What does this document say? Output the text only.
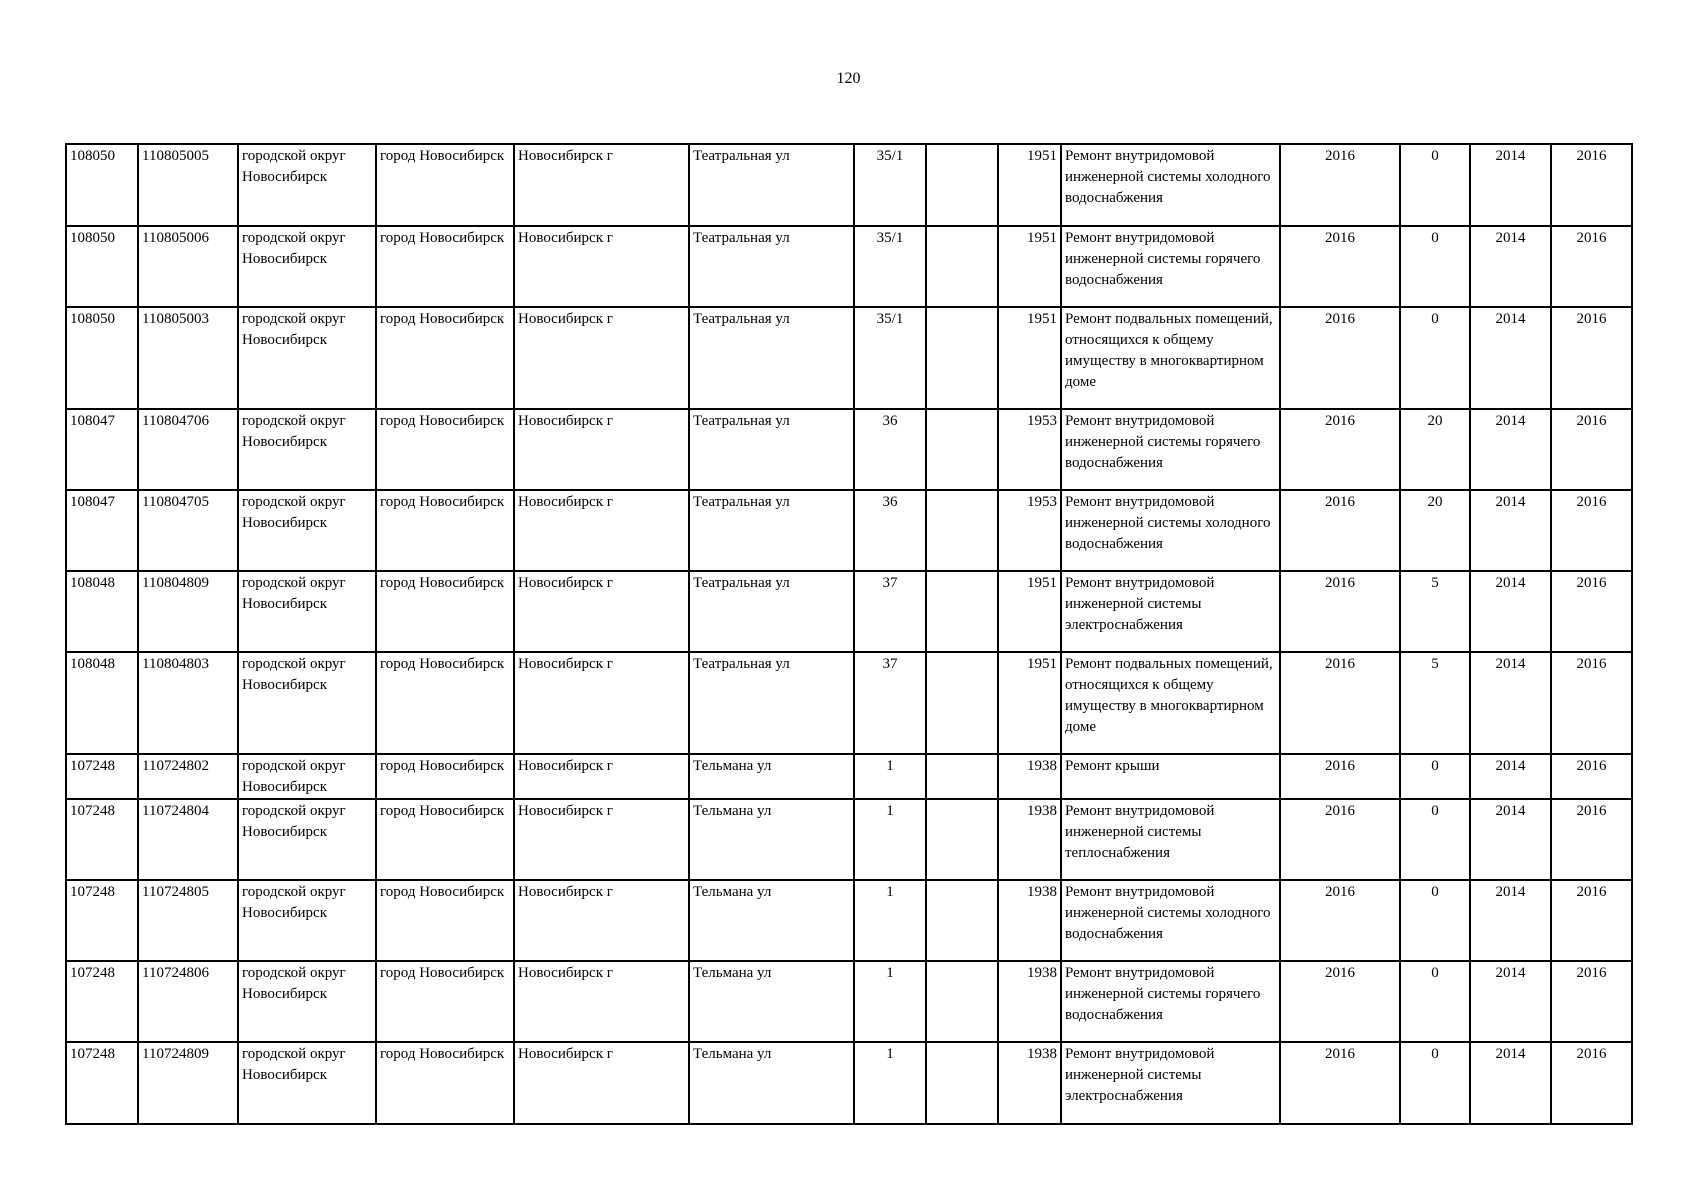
120
108050	110805005	городской округ Новосибирск	город Новосибирск	Новосибирск г	Театральная ул	35/1		1951	Ремонт внутридомовой инженерной системы холодного водоснабжения	2016	0	2014	2016
108050	110805006	городской округ Новосибирск	город Новосибирск	Новосибирск г	Театральная ул	35/1		1951	Ремонт внутридомовой инженерной системы горячего водоснабжения	2016	0	2014	2016
108050	110805003	городской округ Новосибирск	город Новосибирск	Новосибирск г	Театральная ул	35/1		1951	Ремонт подвальных помещений, относящихся к общему имуществу в многоквартирном доме	2016	0	2014	2016
108047	110804706	городской округ Новосибирск	город Новосибирск	Новосибирск г	Театральная ул	36		1953	Ремонт внутридомовой инженерной системы горячего водоснабжения	2016	20	2014	2016
108047	110804705	городской округ Новосибирск	город Новосибирск	Новосибирск г	Театральная ул	36		1953	Ремонт внутридомовой инженерной системы холодного водоснабжения	2016	20	2014	2016
108048	110804809	городской округ Новосибирск	город Новосибирск	Новосибирск г	Театральная ул	37		1951	Ремонт внутридомовой инженерной системы электроснабжения	2016	5	2014	2016
108048	110804803	городской округ Новосибирск	город Новосибирск	Новосибирск г	Театральная ул	37		1951	Ремонт подвальных помещений, относящихся к общему имуществу в многоквартирном доме	2016	5	2014	2016
107248	110724802	городской округ Новосибирск	город Новосибирск	Новосибирск г	Тельмана ул	1		1938	Ремонт крыши	2016	0	2014	2016
107248	110724804	городской округ Новосибирск	город Новосибирск	Новосибирск г	Тельмана ул	1		1938	Ремонт внутридомовой инженерной системы теплоснабжения	2016	0	2014	2016
107248	110724805	городской округ Новосибирск	город Новосибирск	Новосибирск г	Тельмана ул	1		1938	Ремонт внутридомовой инженерной системы холодного водоснабжения	2016	0	2014	2016
107248	110724806	городской округ Новосибирск	город Новосибирск	Новосибирск г	Тельмана ул	1		1938	Ремонт внутридомовой инженерной системы горячего водоснабжения	2016	0	2014	2016
107248	110724809	городской округ Новосибирск	город Новосибирск	Новосибирск г	Тельмана ул	1		1938	Ремонт внутридомовой инженерной системы электроснабжения	2016	0	2014	2016
